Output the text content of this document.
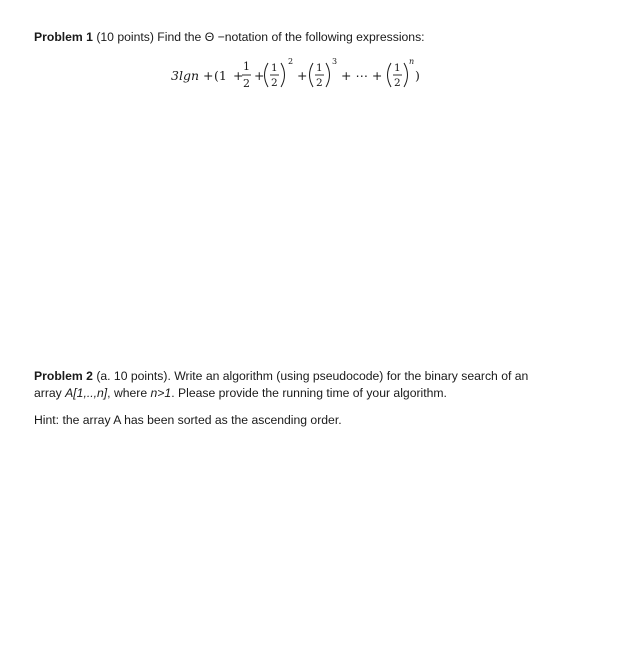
Problem 1 (10 points) Find the Θ −notation of the following expressions:
3lgn + (1 +
1
2
+ 1
2
2
+ 1
2
3
+ ⋯ + 1
2
n
)
Problem 2 (a. 10 points). Write an algorithm (using pseudocode) for the binary search of an
array A[1,..,n], where n>1. Please provide the running time of your algorithm.
Hint: the array A has been sorted as the ascending order.
